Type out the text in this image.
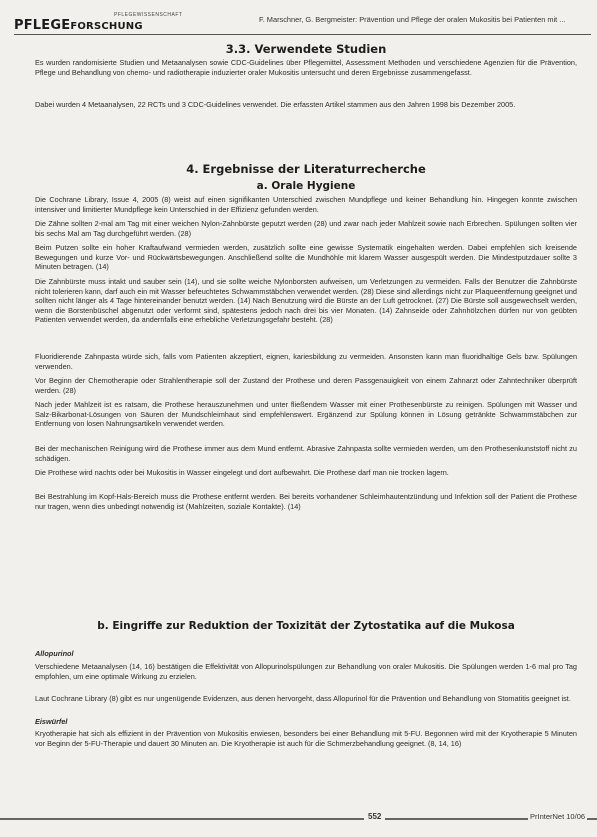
PFLEGEFORSCHUNG
PFLEGEWISSENSCHAFT	F. Marschner, G. Bergmeister: Prävention und Pflege der oralen Mukositis bei Patienten mit ...
3.3. Verwendete Studien

Es wurden randomisierte Studien und Metaanalysen sowie CDC-Guidelines über Pflegemittel, Assessment Methoden und verschiedene Agenzien für die Prävention, Pflege und Behandlung von chemo- und radiotherapie induzierter oraler Mukositis untersucht und deren Ergebnisse zusammengefasst.

Dabei wurden 4 Metaanalysen, 22 RCTs und 3 CDC-Guidelines verwendet. Die erfassten Artikel stammen aus den Jahren 1998 bis Dezember 2005.

4. Ergebnisse der Literaturrecherche
a. Orale Hygiene

Die Cochrane Library, Issue 4, 2005 (8) weist auf einen signifikanten Unterschied zwischen Mundpflege und keiner Behandlung hin. Hingegen konnte zwischen intensiver und limitierter Mundpflege kein Unterschied in der Effizienz gefunden werden.

Die Zähne sollten 2-mal am Tag mit einer weichen Nylon-Zahnbürste geputzt werden (28) und zwar nach jeder Mahlzeit sowie nach Erbrechen. Spülungen sollten vier bis sechs Mal am Tag durchgeführt werden. (28)

Beim Putzen sollte ein hoher Kraftaufwand vermieden werden, zusätzlich sollte eine gewisse Systematik eingehalten werden. Dabei empfehlen sich kreisende Bewegungen und kurze Vor- und Rückwärtsbewegungen. Anschließend sollte die Mundhöhle mit klarem Wasser ausgespült werden. Die Mindestputzdauer sollte 3 Minuten betragen. (14)

Die Zahnbürste muss intakt und sauber sein (14), und sie sollte weiche Nylonborsten aufweisen, um Verletzungen zu vermeiden. Falls der Benutzer die Zahnbürste nicht tolerieren kann, darf auch ein mit Wasser befeuchtetes Schwammstäbchen verwendet werden. (28) Diese sind allerdings nicht zur Plaqueentfernung geeignet und sollten nicht länger als 4 Tage hintereinander benutzt werden. (14) Nach Benutzung wird die Bürste an der Luft getrocknet. (27) Die Bürste soll ausgewechselt werden, wenn die Borstenbüschel abgenutzt oder verformt sind, spätestens jedoch nach drei bis vier Monaten. (14) Zahnseide oder Zahnhölzchen dürfen nur von geübten Patienten verwendet werden, da andernfalls eine erhebliche Verletzungsgefahr besteht. (28)

Fluoridierende Zahnpasta würde sich, falls vom Patienten akzeptiert, eignen, kariesbildung zu vermeiden. Ansonsten kann man fluoridhaltige Gels bzw. Spülungen verwenden.

Vor Beginn der Chemotherapie oder Strahlentherapie soll der Zustand der Prothese und deren Passgenauigkeit von einem Zahnarzt oder Zahntechniker überprüft werden. (28)

Nach jeder Mahlzeit ist es ratsam, die Prothese herauszunehmen und unter fließendem Wasser mit einer Prothesenbürste zu reinigen. Spülungen mit Wasser und Salz-Bikarbonat-Lösungen von Säuren der Mundschleimhaut sind empfehlenswert. Ergänzend zur Spülung können in Lösung getränkte Schwammstäbchen zur Entfernung von losen Nahrungsartikeln verwendet werden.

Bei der mechanischen Reinigung wird die Prothese immer aus dem Mund entfernt. Abrasive Zahnpasta sollte vermieden werden, um den Prothesenkunststoff nicht zu schädigen.

Die Prothese wird nachts oder bei Mukositis in Wasser eingelegt und dort aufbewahrt. Die Prothese darf man nie trocken lagern.

Bei Bestrahlung im Kopf-Hals-Bereich muss die Prothese entfernt werden. Bei bereits vorhandener Schleimhautentzündung und Infektion soll der Patient die Prothese nur tragen, wenn dies unbedingt notwendig ist (Mahlzeiten, soziale Kontakte). (14)

b. Eingriffe zur Reduktion der Toxizität der Zytostatika auf die Mukosa
Allopurinol

Verschiedene Metaanalysen (14, 16) bestätigen die Effektivität von Allopurinolspülungen zur Behandlung von oraler Mukositis. Die Spülungen werden 1-6 mal pro Tag empfohlen, um eine optimale Wirkung zu erzielen.

Laut Cochrane Library (8) gibt es nur ungenügende Evidenzen, aus denen hervorgeht, dass Allopurinol für die Prävention und Behandlung von Stomatitis geeignet ist.

Eiswürfel

Kryotherapie hat sich als effizient in der Prävention von Mukositis erwiesen, besonders bei einer Behandlung mit 5-FU. Begonnen wird mit der Kryotherapie 5 Minuten vor Beginn der 5-FU-Therapie und dauert 30 Minuten an. Die Kryotherapie ist auch für die Schmerzbehandlung geeignet. (8, 14, 16)

552	PrInterNet 10/06
